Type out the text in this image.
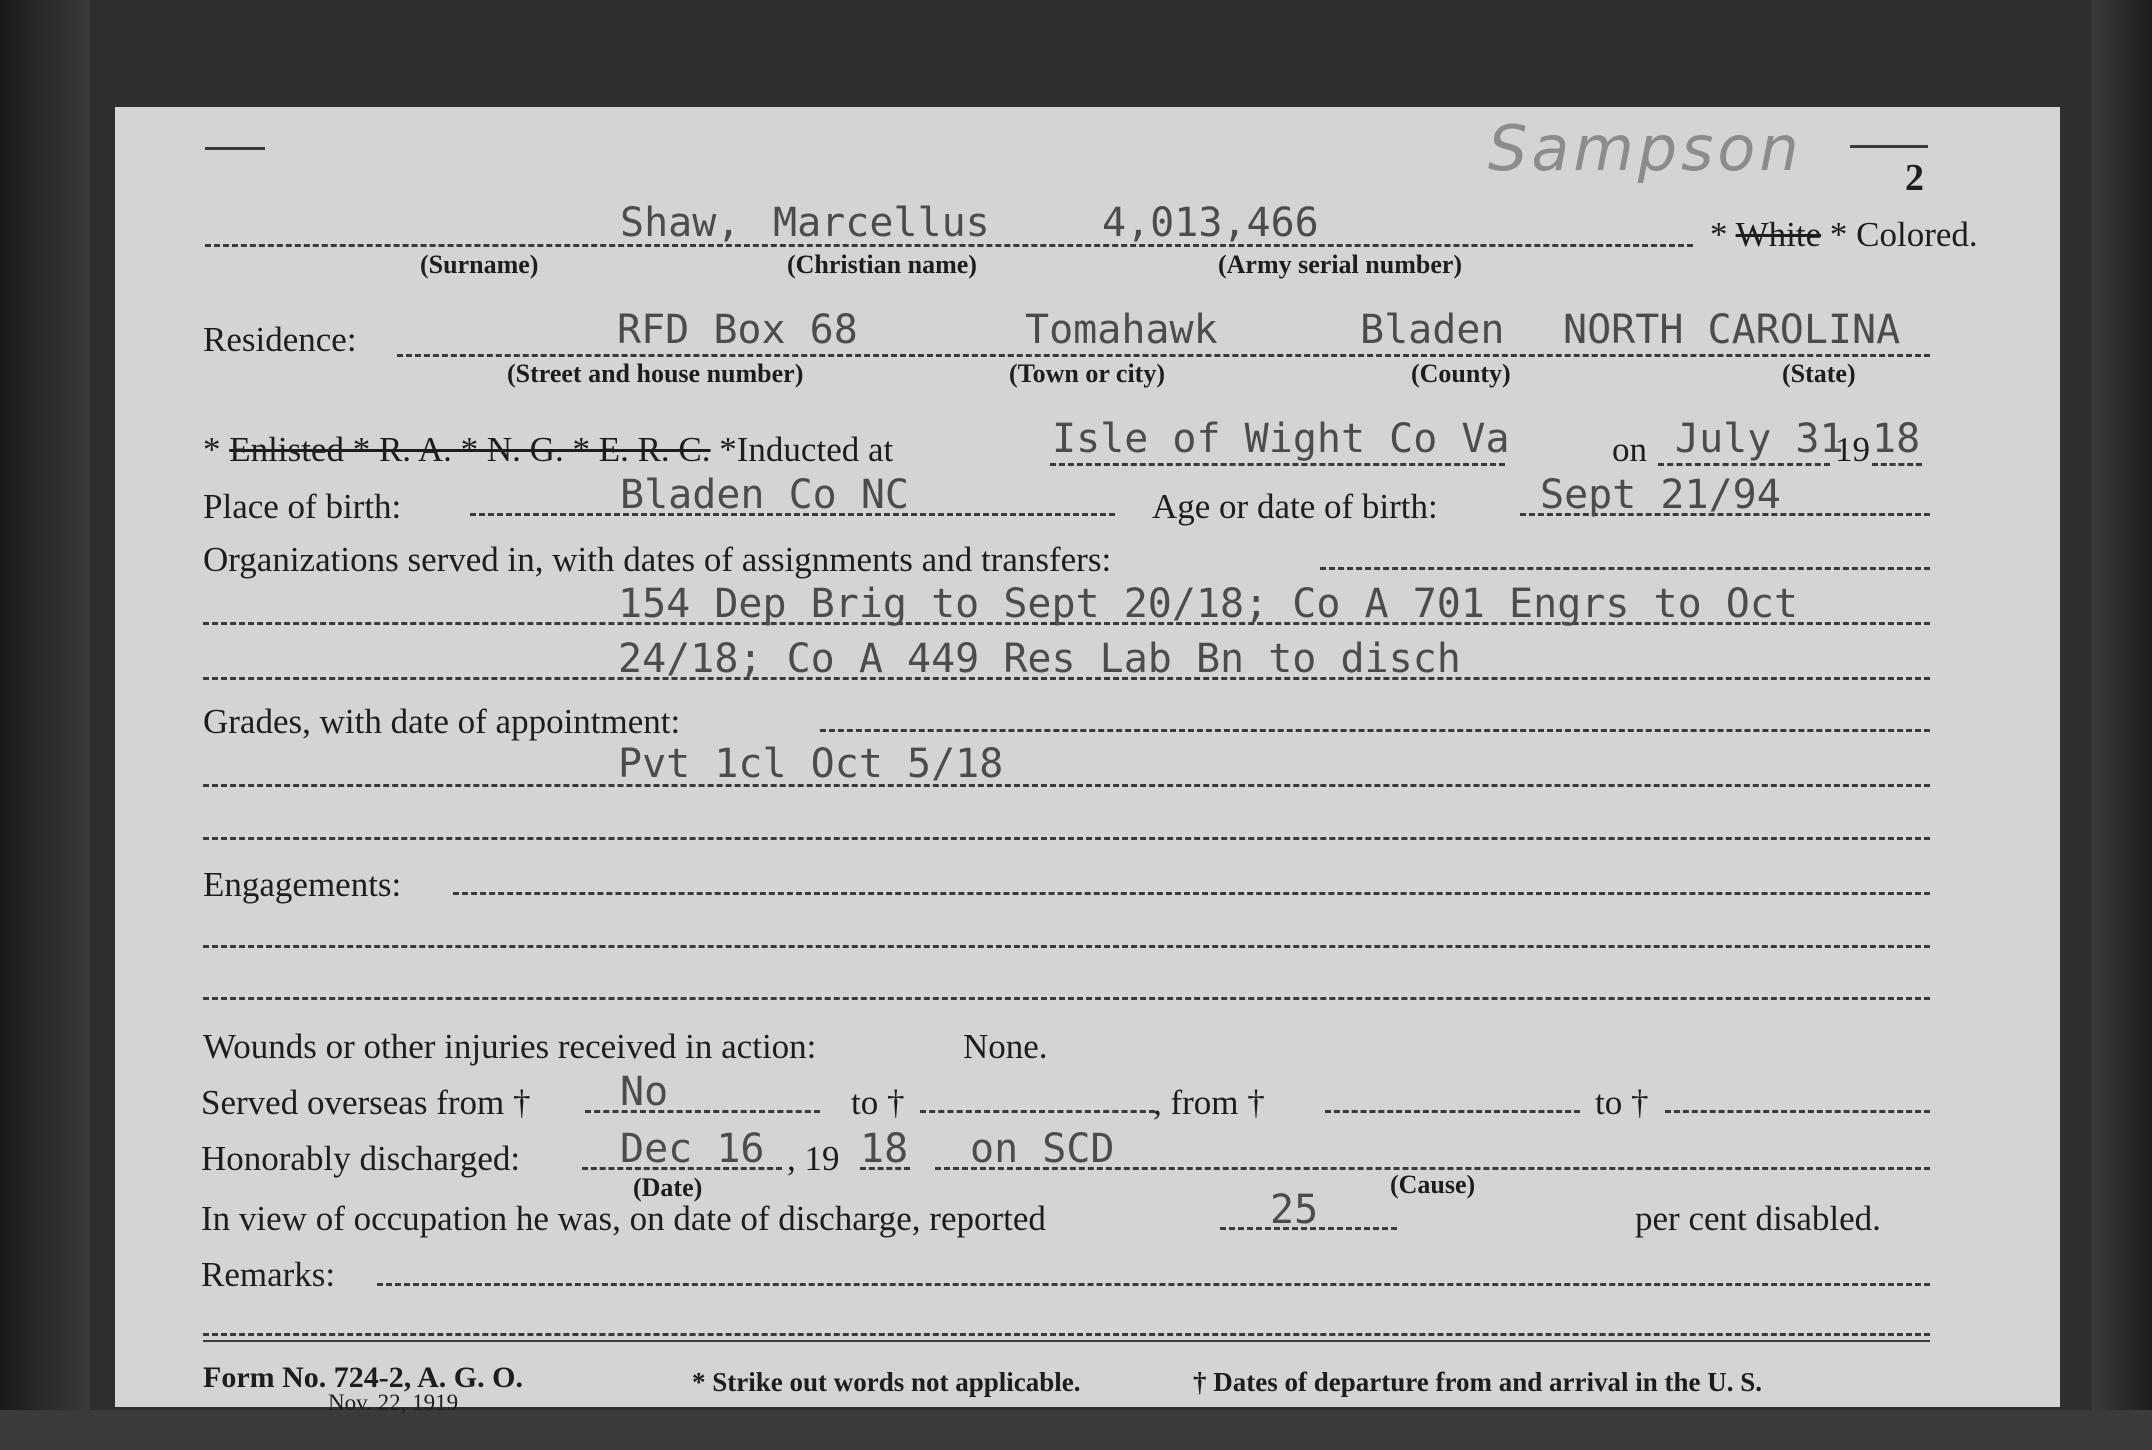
Sampson	2
Shaw, Marcellus	4,013,466	* White * Colored.
(Surname)	(Christian name)	(Army serial number)
Residence:	RFD Box 68	Tomahawk	Bladen NORTH CAROLINA
(Street and house number)	(Town or city)	(County)	(State)
* Enlisted * R. A. * N. G. * E. R. C. *Inducted at	Isle of Wight Co Va	on July 31
19 18
Place of birth:	Bladen Co NC	Age or date of birth:	Sept 21/94
Organizations served in, with dates of assignments and transfers:
154 Dep Brig to Sept 20/18; Co A 701 Engrs to Oct
24/18; Co A 449 Res Lab Bn to disch
Grades, with date of appointment:
Pvt 1cl Oct 5/18
Engagements:
Wounds or other injuries received in action:	None.
Served overseas from † No	to †	, from †	to †
Honorably discharged: Dec 16 , 19 18 on SCD
(Date)	(Cause)
In view of occupation he was, on date of discharge, reported	25	per cent disabled.
Remarks:
Form No. 724-2, A. G. O.
Nov. 22, 1919
* Strike out words not applicable.	† Dates of departure from and arrival in the U. S.
